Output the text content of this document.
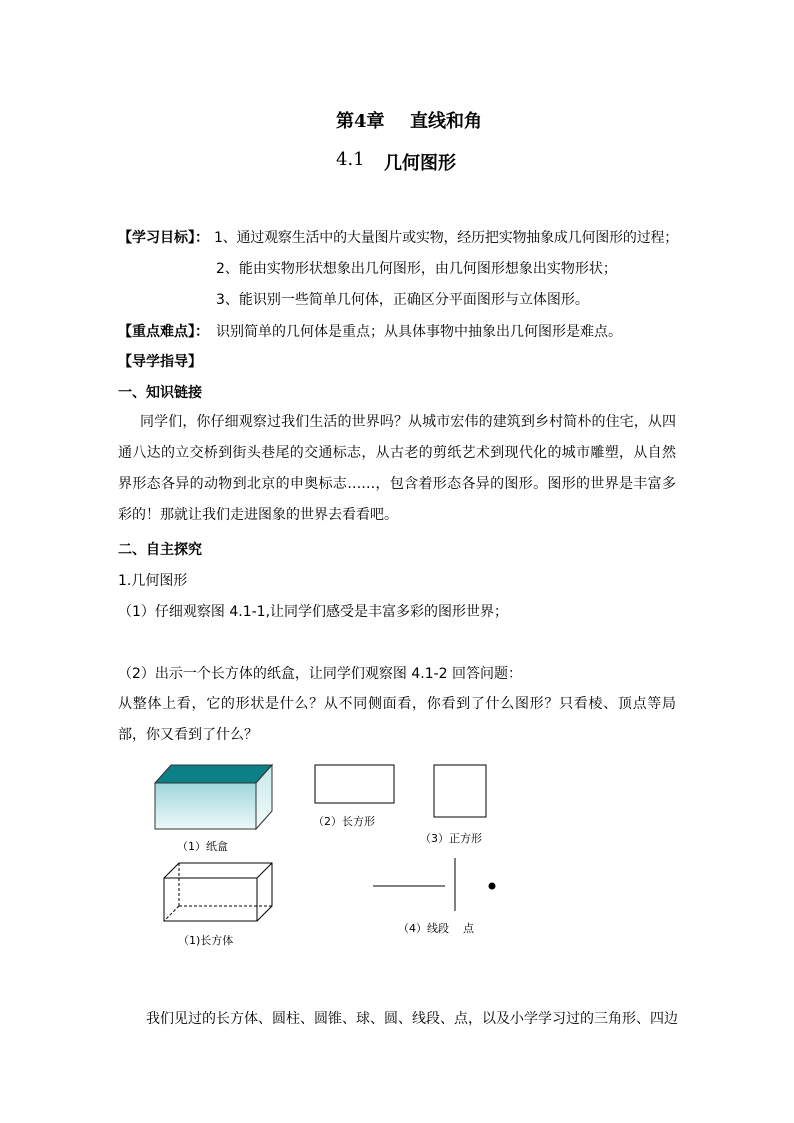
第4章 直线和角
4.1 几何图形
【学习目标】： 1、通过观察生活中的大量图片或实物，经历把实物抽象成几何图形的过程；
2、能由实物形状想象出几何图形，由几何图形想象出实物形状；
3、能识别一些简单几何体，正确区分平面图形与立体图形。
【重点难点】： 识别简单的几何体是重点；从具体事物中抽象出几何图形是难点。
【导学指导】
一、知识链接
同学们，你仔细观察过我们生活的世界吗？从城市宏伟的建筑到乡村简朴的住宅，从四通八达的立交桥到街头巷尾的交通标志，从古老的剪纸艺术到现代化的城市雕塑，从自然界形态各异的动物到北京的申奥标志……，包含着形态各异的图形。图形的世界是丰富多彩的！那就让我们走进图象的世界去看看吧。
二、自主探究
1.几何图形
（1）仔细观察图 4.1-1,让同学们感受是丰富多彩的图形世界；
（2）出示一个长方体的纸盒，让同学们观察图 4.1-2 回答问题：
从整体上看，它的形状是什么？从不同侧面看，你看到了什么图形？只看棱、顶点等局部，你又看到了什么？
（1）纸盒
（2）长方形
（3）正方形
（1)长方体
（4）线段    点
我们见过的长方体、圆柱、圆锥、球、圆、线段、点，以及小学学习过的三角形、四边
